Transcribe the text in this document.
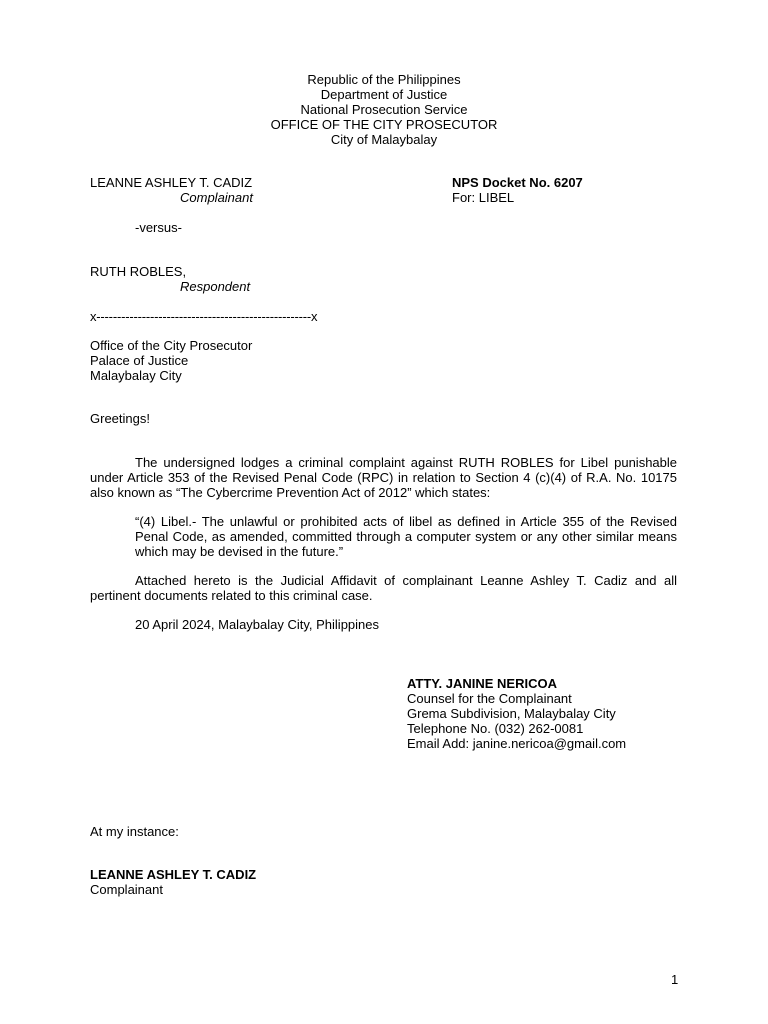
Republic of the Philippines
Department of Justice
National Prosecution Service
OFFICE OF THE CITY PROSECUTOR
City of Malaybalay
LEANNE ASHLEY T. CADIZ
Complainant
NPS Docket No. 6207
For: LIBEL
-versus-
RUTH ROBLES,
Respondent
x----------------------------------------------------x
Office of the City Prosecutor
Palace of Justice
Malaybalay City
Greetings!
The undersigned lodges a criminal complaint against RUTH ROBLES for Libel punishable under Article 353 of the Revised Penal Code (RPC) in relation to Section 4 (c)(4) of R.A. No. 10175 also known as “The Cybercrime Prevention Act of 2012” which states:
“(4) Libel.- The unlawful or prohibited acts of libel as defined in Article 355 of the Revised Penal Code, as amended, committed through a computer system or any other similar means which may be devised in the future.”
Attached hereto is the Judicial Affidavit of complainant Leanne Ashley T. Cadiz and all pertinent documents related to this criminal case.
20 April 2024, Malaybalay City, Philippines
ATTY. JANINE NERICOA
Counsel for the Complainant
Grema Subdivision, Malaybalay City
Telephone No. (032) 262-0081
Email Add: janine.nericoa@gmail.com
At my instance:
LEANNE ASHLEY T. CADIZ
Complainant
1
